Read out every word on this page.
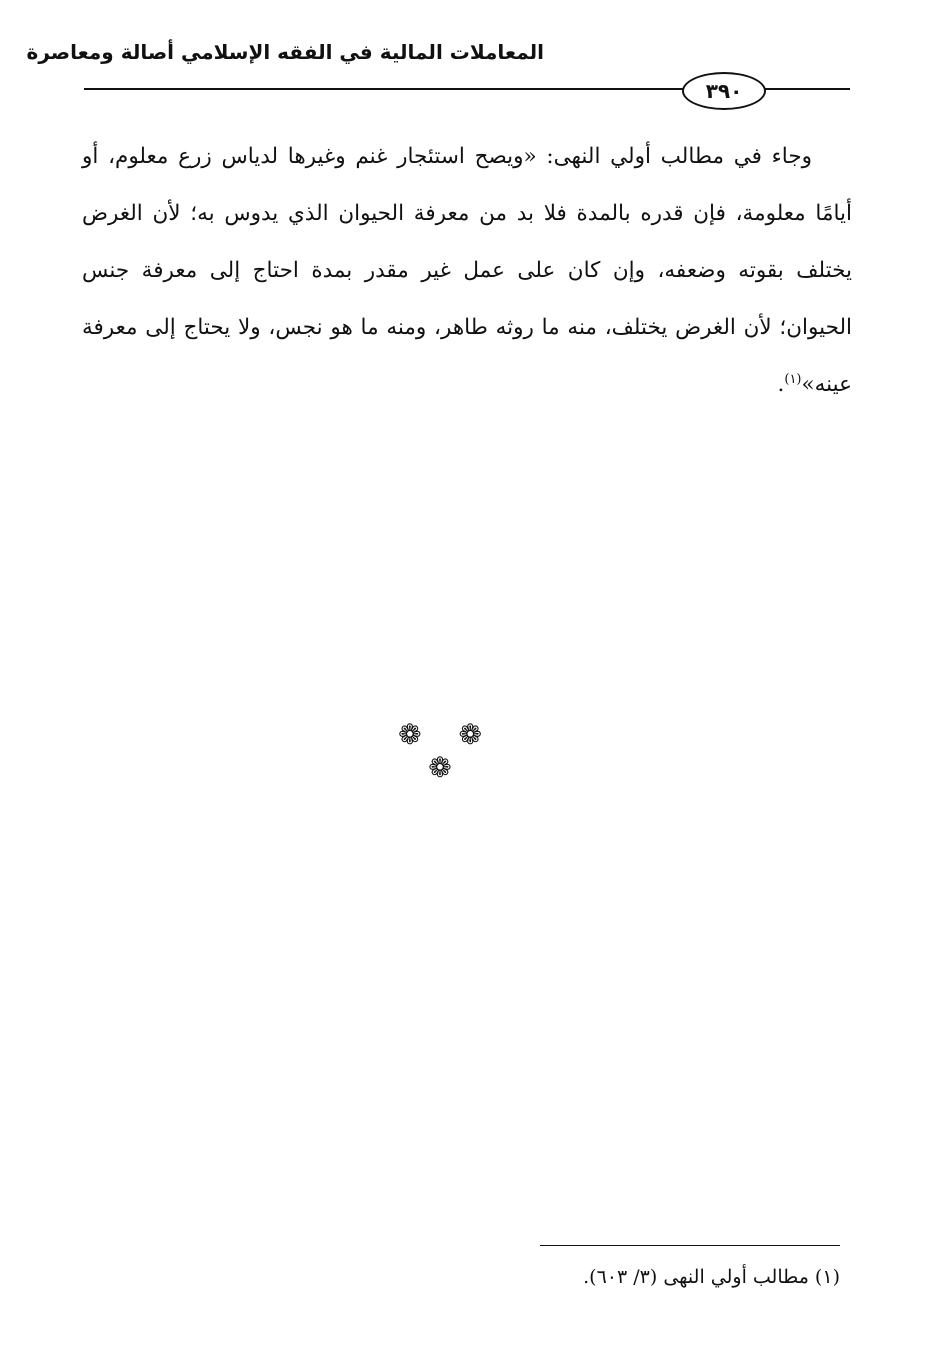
المعاملات المالية في الفقه الإسلامي أصالة ومعاصرة
٣٩٠

وجاء في مطالب أولي النهى: «ويصح استئجار غنم وغيرها لدياس زرع معلوم، أو أيامًا معلومة، فإن قدره بالمدة فلا بد من معرفة الحيوان الذي يدوس به؛ لأن الغرض يختلف بقوته وضعفه، وإن كان على عمل غير مقدر بمدة احتاج إلى معرفة جنس الحيوان؛ لأن الغرض يختلف، منه ما روثه طاهر، ومنه ما هو نجس، ولا يحتاج إلى معرفة عينه»$^{(١)}$.

❁ ❁ ❁
(١) مطالب أولي النهى (٣/ ٦٠٣).
